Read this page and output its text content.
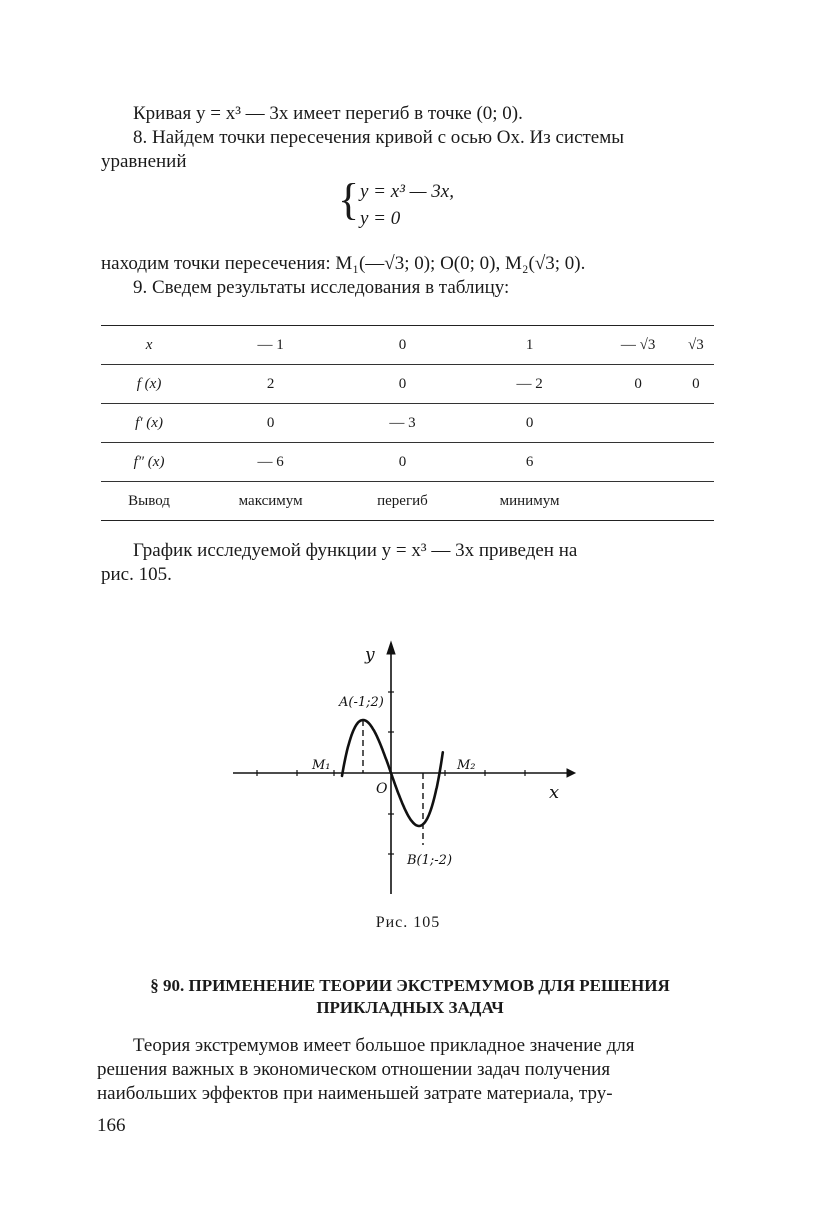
Кривая y = x³ — 3x имеет перегиб в точке (0; 0).
8. Найдем точки пересечения кривой с осью Ox. Из системы
уравнений
{ y = x³ — 3x,
y = 0
находим точки пересечения: M₁(—√3; 0); O(0; 0), M₂(√3; 0).
9. Сведем результаты исследования в таблицу:
x	— 1	0	1	— √3	√3
f (x)	2	0	— 2	0	0
f′ (x)	0	— 3	0		
f″ (x)	— 6	0	6		
Вывод	максимум	перегиб	минимум		
График исследуемой функции y = x³ — 3x приведен на
рис. 105.
y
x
O
M₁	M₂
A(-1;2)
B(1;-2)
Рис. 105
§ 90. ПРИМЕНЕНИЕ ТЕОРИИ ЭКСТРЕМУМОВ ДЛЯ РЕШЕНИЯ
ПРИКЛАДНЫХ ЗАДАЧ
Теория экстремумов имеет большое прикладное значение для
решения важных в экономическом отношении задач получения
наибольших эффектов при наименьшей затрате материала, тру-
166
